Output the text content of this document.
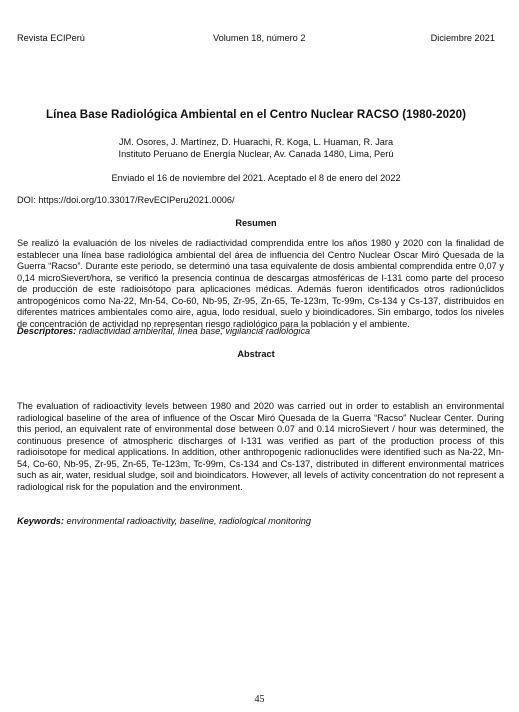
Revista ECIPerú	Volumen 18, número 2	Diciembre 2021
Línea Base Radiológica Ambiental en el Centro Nuclear RACSO (1980-2020)
JM. Osores, J. Martínez, D. Huarachi, R. Koga, L. Huaman, R. Jara
Instituto Peruano de Energía Nuclear, Av. Canada 1480, Lima, Perú
Enviado el 16 de noviembre del 2021. Aceptado el 8 de enero del 2022
DOI: https://doi.org/10.33017/RevECIPeru2021.0006/
Resumen

Se realizó la evaluación de los niveles de radiactividad comprendida entre los años 1980 y 2020 con la finalidad de establecer una línea base radiológica ambiental del área de influencia del Centro Nuclear Oscar Miró Quesada de la Guerra “Racso”. Durante este periodo, se determinó una tasa equivalente de dosis ambiental comprendida entre 0,07 y 0,14 microSievert/hora, se verificó la presencia continua de descargas atmosféricas de I-131 como parte del proceso de producción de este radioisótopo para aplicaciones médicas. Además fueron identificados otros radionúclidos antropogénicos como Na-22, Mn-54, Co-60, Nb-95, Zr-95, Zn-65, Te-123m, Tc-99m, Cs-134 y Cs-137, distribuidos en diferentes matrices ambientales como aire, agua, lodo residual, suelo y bioindicadores. Sin embargo, todos los niveles de concentración de actividad no representan riesgo radiológico para la población y el ambiente.

Descriptores: radiactividad ambiental, línea base, vigilancia radiológica

Abstract

The evaluation of radioactivity levels between 1980 and 2020 was carried out in order to establish an environmental radiological baseline of the area of influence of the Oscar Miró Quesada de la Guerra “Racso” Nuclear Center. During this period, an equivalent rate of environmental dose between 0.07 and 0.14 microSievert / hour was determined, the continuous presence of atmospheric discharges of I-131 was verified as part of the production process of this radioisotope for medical applications. In addition, other anthropogenic radionuclides were identified such as Na-22, Mn-54, Co-60, Nb-95, Zr-95, Zn-65, Te-123m, Tc-99m, Cs-134 and Cs-137, distributed in different environmental matrices such as air, water, residual sludge, soil and bioindicators. However, all levels of activity concentration do not represent a radiological risk for the population and the environment.

Keywords: environmental radioactivity, baseline, radiological monitoring

45
